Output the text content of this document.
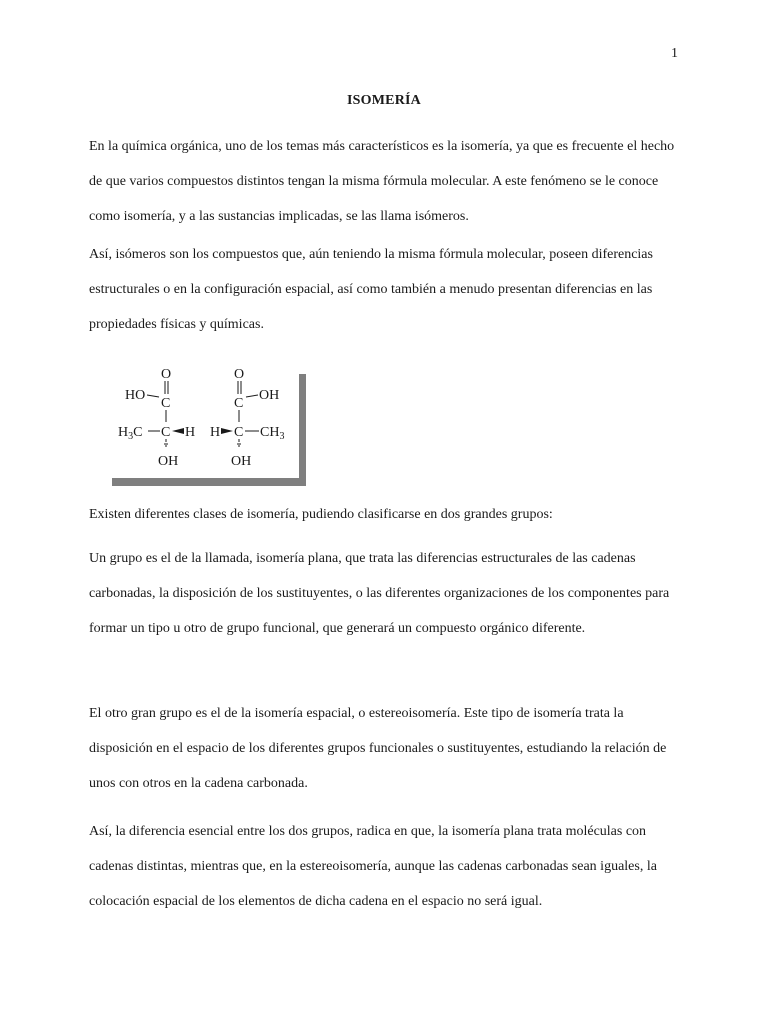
1
ISOMERÍA

En la química orgánica, uno de los temas más característicos es la isomería, ya que es frecuente el hecho de que varios compuestos distintos tengan la misma fórmula molecular. A este fenómeno se le conoce como isomería, y a las sustancias implicadas, se las llama isómeros.

Así, isómeros son los compuestos que, aún teniendo la misma fórmula molecular, poseen diferencias estructurales o en la configuración espacial, así como también a menudo presentan diferencias en las propiedades físicas y químicas.

O
HO
C
$H_3C$ C H
OH
O
C
OH
H C $CH_3$
OH

Existen diferentes clases de isomería, pudiendo clasificarse en dos grandes grupos:

Un grupo es el de la llamada, isomería plana, que trata las diferencias estructurales de las cadenas carbonadas, la disposición de los sustituyentes, o las diferentes organizaciones de los componentes para formar un tipo u otro de grupo funcional, que generará un compuesto orgánico diferente.

El otro gran grupo es el de la isomería espacial, o estereoisomería. Este tipo de isomería trata la disposición en el espacio de los diferentes grupos funcionales o sustituyentes, estudiando la relación de unos con otros en la cadena carbonada.

Así, la diferencia esencial entre los dos grupos, radica en que, la isomería plana trata moléculas con cadenas distintas, mientras que, en la estereoisomería, aunque las cadenas carbonadas sean iguales, la colocación espacial de los elementos de dicha cadena en el espacio no será igual.
